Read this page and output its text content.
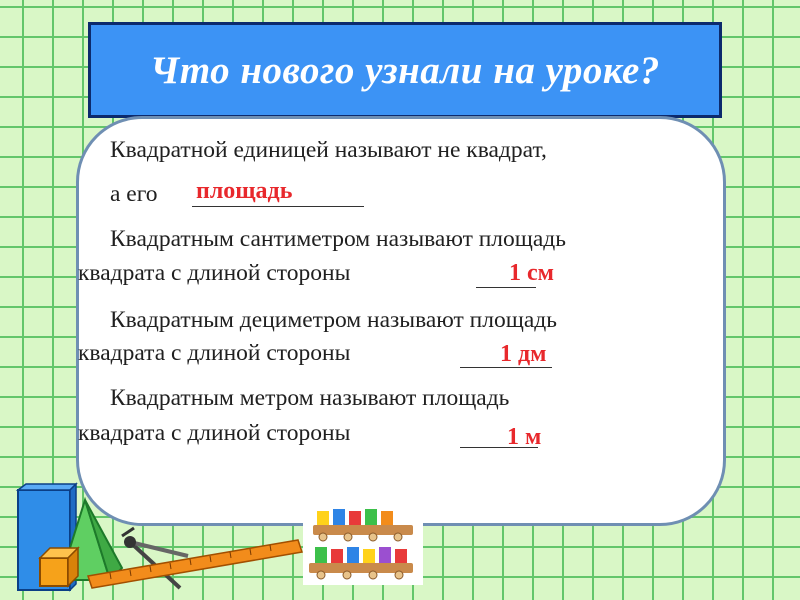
Что нового узнали на уроке?
Квадратной единицей называют не квадрат,
а его площадь
Квадратным сантиметром называют площадь
квадрата с длиной стороны	1 см
Квадратным дециметром называют площадь
квадрата с длиной стороны	1 дм
Квадратным метром называют площадь
квадрата с длиной стороны	1 м
